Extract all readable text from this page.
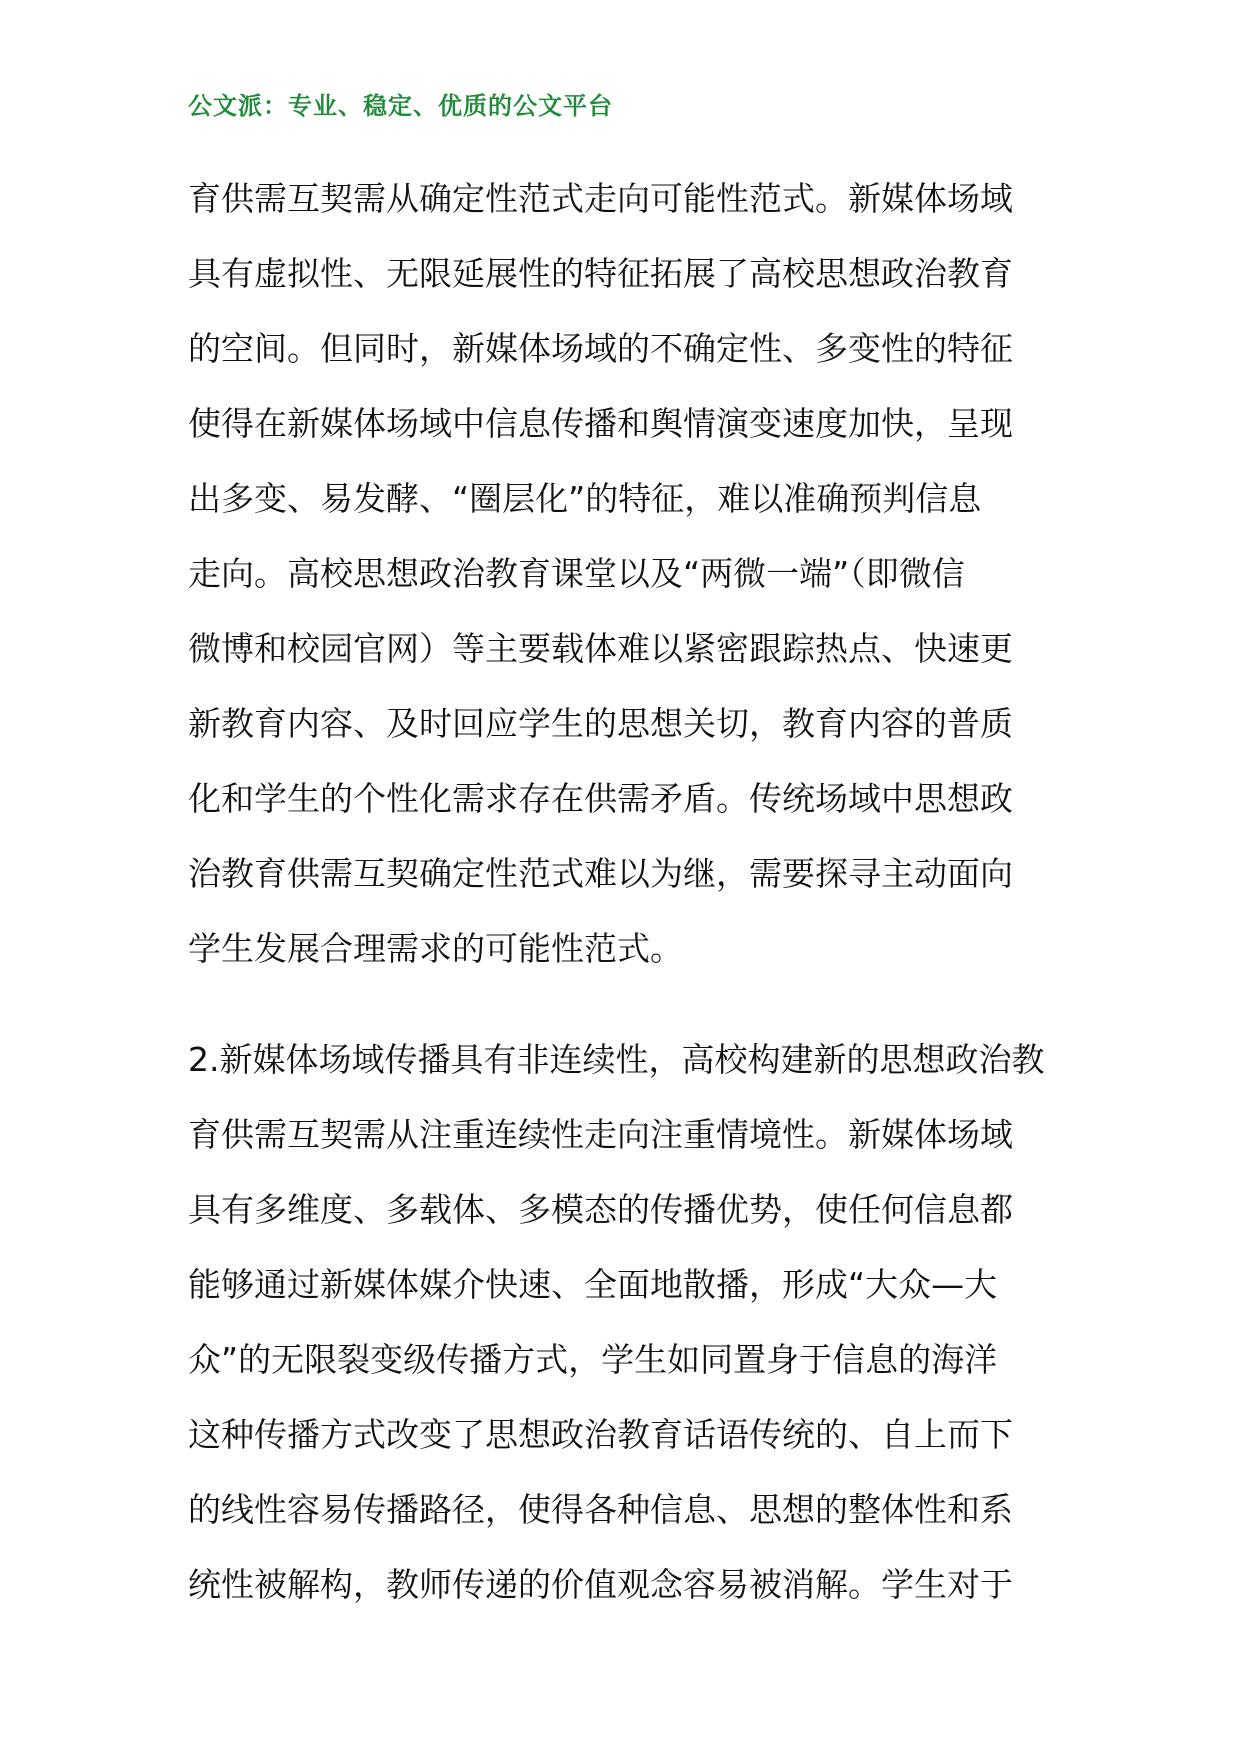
公文派：专业、稳定、优质的公文平台
育供需互契需从确定性范式走向可能性范式。新媒体场域
具有虚拟性、无限延展性的特征拓展了高校思想政治教育
的空间。但同时，新媒体场域的不确定性、多变性的特征
使得在新媒体场域中信息传播和舆情演变速度加快，呈现
出多变、易发酵、“圈层化”的特征，难以准确预判信息
走向。高校思想政治教育课堂以及“两微一端”（即微信
微博和校园官网）等主要载体难以紧密跟踪热点、快速更
新教育内容、及时回应学生的思想关切，教育内容的普质
化和学生的个性化需求存在供需矛盾。传统场域中思想政
治教育供需互契确定性范式难以为继，需要探寻主动面向
学生发展合理需求的可能性范式。
2.新媒体场域传播具有非连续性，高校构建新的思想政治教
育供需互契需从注重连续性走向注重情境性。新媒体场域
具有多维度、多载体、多模态的传播优势，使任何信息都
能够通过新媒体媒介快速、全面地散播，形成“大众—大
众”的无限裂变级传播方式，学生如同置身于信息的海洋
这种传播方式改变了思想政治教育话语传统的、自上而下
的线性容易传播路径，使得各种信息、思想的整体性和系
统性被解构，教师传递的价值观念容易被消解。学生对于
